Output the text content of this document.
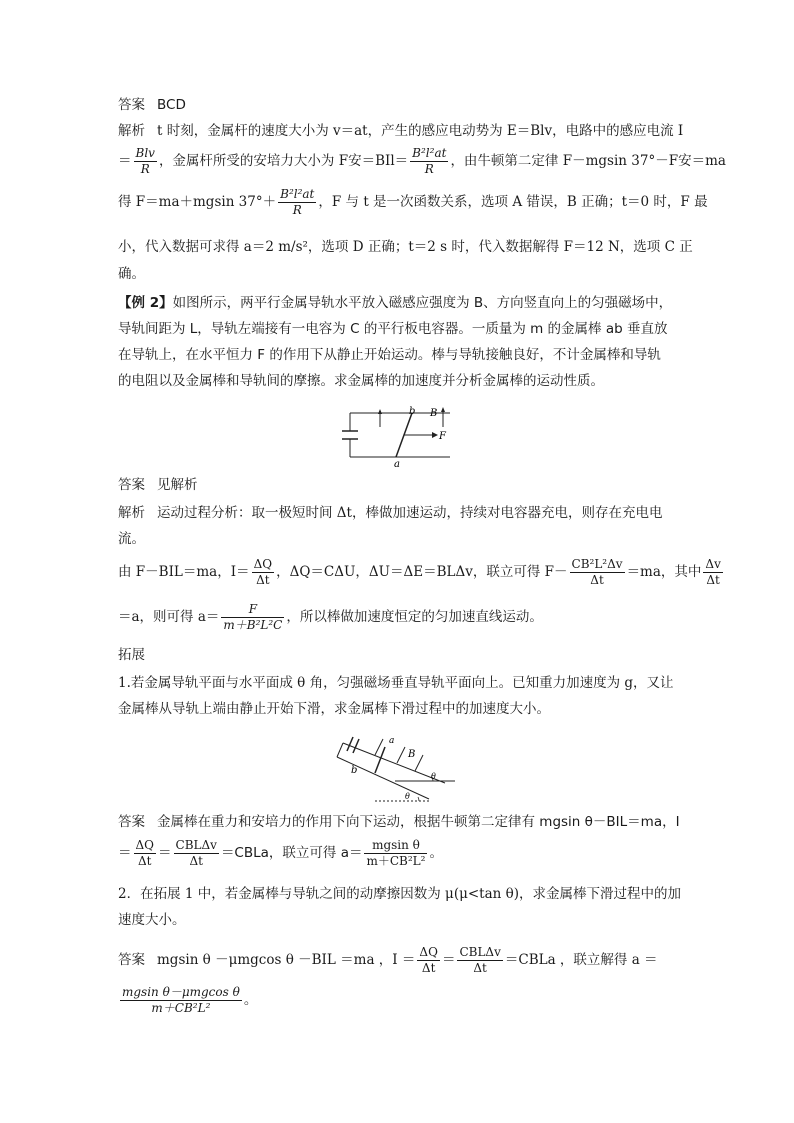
答案 BCD
解析 t 时刻，金属杆的速度大小为 v＝at，产生的感应电动势为 E＝Blv，电路中的感应电流 I
＝ $\frac{\text{Blv}}{R}$ ，金属杆所受的安培力大小为 F安$=BIl= \frac{\text{B²l²at}}{R}$ ，由牛顿第二定律 F－mgsin 37°－F安＝ma
得 F＝ma＋mgsin $37^\circ+ \frac{\text{B²l²at}}{R}$ ，F 与 t 是一次函数关系，选项 A 错误，B 正确；t＝0 时，F 最
小，代入数据可求得 a＝2 m/s²，选项 D 正确；t＝2 s 时，代入数据解得 F＝12 N，选项 C 正
确。
【例 2】如图所示，两平行金属导轨水平放入磁感应强度为 B、方向竖直向上的匀强磁场中，
导轨间距为 L，导轨左端接有一电容为 C 的平行板电容器。一质量为 m 的金属棒 ab 垂直放
在导轨上，在水平恒力 F 的作用下从静止开始运动。棒与导轨接触良好，不计金属棒和导轨
的电阻以及金属棒和导轨间的摩擦。求金属棒的加速度并分析金属棒的运动性质。
b B
F
a
答案 见解析
解析 运动过程分析：取一极短时间 Δt，棒做加速运动，持续对电容器充电，则存在充电电
流。
由 F－BIL＝ma，$I= \frac{\Delta Q}{\Delta t}$ ，ΔQ＝CΔU，ΔU＝ΔE＝BLΔv，联立可得 $F- \frac{\text{CB²L²Δv}}{\Delta t} =ma$，其中 $\frac{\Delta v}{\Delta t}$
＝a，则可得 $a= \frac{F}{\text{m＋B²L²C}}$ ，所以棒做加速度恒定的匀加速直线运动。
拓展
1.若金属导轨平面与水平面成 θ 角，匀强磁场垂直导轨平面向上。已知重力加速度为 g，又让
金属棒从导轨上端由静止开始下滑，求金属棒下滑过程中的加速度大小。
a
B
b
θ
θ
答案 金属棒在重力和安培力的作用下向下运动，根据牛顿第二定律有 mgsin θ－BIL＝ma，I
＝ $\frac{\Delta Q}{\Delta t} = \frac{\text{CBLΔv}}{\Delta t}$ ＝CBLa，联立可得 $a= \frac{\text{mgsin θ}}{\text{m＋CB²L²}}$ 。
2．在拓展 1 中，若金属棒与导轨之间的动摩擦因数为 μ(μ<tan θ)，求金属棒下滑过程中的加
速度大小。
答案 mgsin θ －μmgcos θ －BIL ＝ma ，$I = \frac{\Delta Q}{\Delta t} = \frac{\text{CBLΔv}}{\Delta t}$ ＝CBLa ，联立解得 a ＝
$\frac{\text{mgsin θ－μmgcos θ}}{\text{m＋CB²L²}}$ 。
